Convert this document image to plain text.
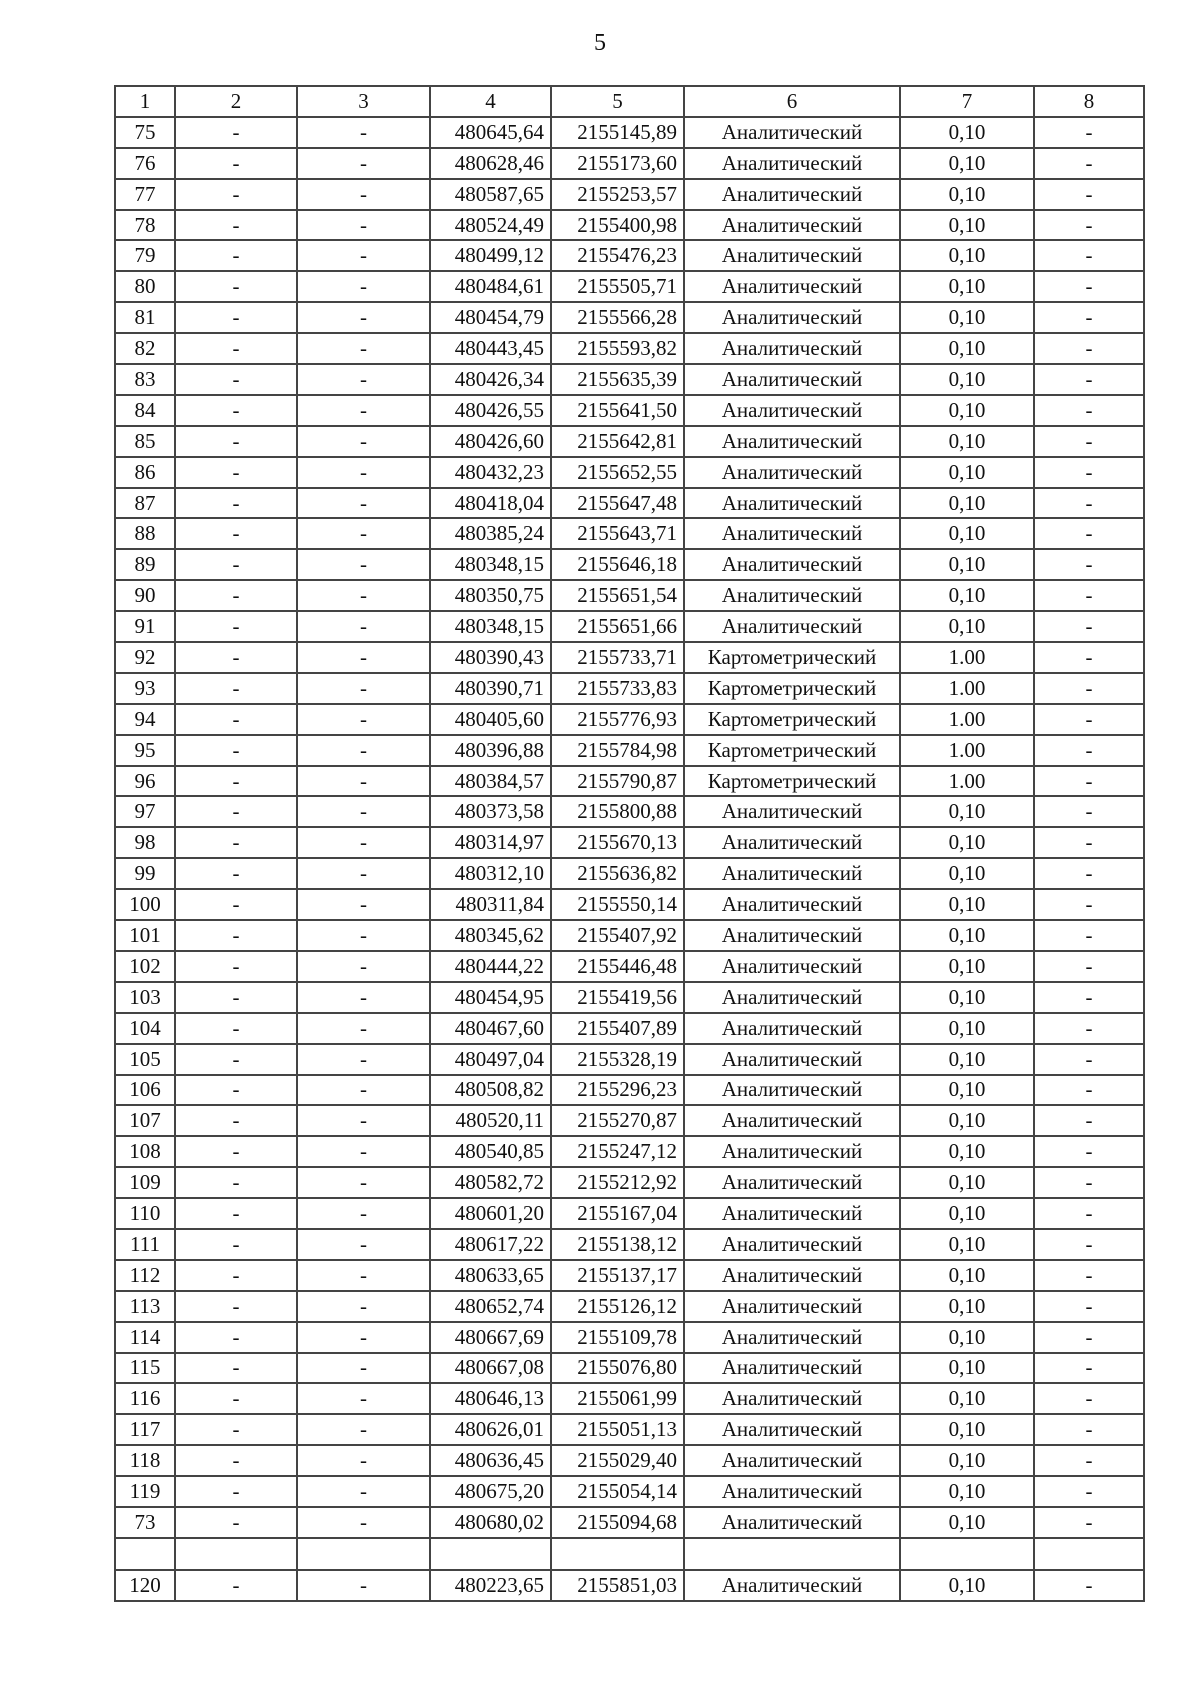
5
1	2	3	4	5	6	7	8
75	-	-	480645,64	2155145,89	Аналитический	0,10	-
76	-	-	480628,46	2155173,60	Аналитический	0,10	-
77	-	-	480587,65	2155253,57	Аналитический	0,10	-
78	-	-	480524,49	2155400,98	Аналитический	0,10	-
79	-	-	480499,12	2155476,23	Аналитический	0,10	-
80	-	-	480484,61	2155505,71	Аналитический	0,10	-
81	-	-	480454,79	2155566,28	Аналитический	0,10	-
82	-	-	480443,45	2155593,82	Аналитический	0,10	-
83	-	-	480426,34	2155635,39	Аналитический	0,10	-
84	-	-	480426,55	2155641,50	Аналитический	0,10	-
85	-	-	480426,60	2155642,81	Аналитический	0,10	-
86	-	-	480432,23	2155652,55	Аналитический	0,10	-
87	-	-	480418,04	2155647,48	Аналитический	0,10	-
88	-	-	480385,24	2155643,71	Аналитический	0,10	-
89	-	-	480348,15	2155646,18	Аналитический	0,10	-
90	-	-	480350,75	2155651,54	Аналитический	0,10	-
91	-	-	480348,15	2155651,66	Аналитический	0,10	-
92	-	-	480390,43	2155733,71	Картометрический	1.00	-
93	-	-	480390,71	2155733,83	Картометрический	1.00	-
94	-	-	480405,60	2155776,93	Картометрический	1.00	-
95	-	-	480396,88	2155784,98	Картометрический	1.00	-
96	-	-	480384,57	2155790,87	Картометрический	1.00	-
97	-	-	480373,58	2155800,88	Аналитический	0,10	-
98	-	-	480314,97	2155670,13	Аналитический	0,10	-
99	-	-	480312,10	2155636,82	Аналитический	0,10	-
100	-	-	480311,84	2155550,14	Аналитический	0,10	-
101	-	-	480345,62	2155407,92	Аналитический	0,10	-
102	-	-	480444,22	2155446,48	Аналитический	0,10	-
103	-	-	480454,95	2155419,56	Аналитический	0,10	-
104	-	-	480467,60	2155407,89	Аналитический	0,10	-
105	-	-	480497,04	2155328,19	Аналитический	0,10	-
106	-	-	480508,82	2155296,23	Аналитический	0,10	-
107	-	-	480520,11	2155270,87	Аналитический	0,10	-
108	-	-	480540,85	2155247,12	Аналитический	0,10	-
109	-	-	480582,72	2155212,92	Аналитический	0,10	-
110	-	-	480601,20	2155167,04	Аналитический	0,10	-
111	-	-	480617,22	2155138,12	Аналитический	0,10	-
112	-	-	480633,65	2155137,17	Аналитический	0,10	-
113	-	-	480652,74	2155126,12	Аналитический	0,10	-
114	-	-	480667,69	2155109,78	Аналитический	0,10	-
115	-	-	480667,08	2155076,80	Аналитический	0,10	-
116	-	-	480646,13	2155061,99	Аналитический	0,10	-
117	-	-	480626,01	2155051,13	Аналитический	0,10	-
118	-	-	480636,45	2155029,40	Аналитический	0,10	-
119	-	-	480675,20	2155054,14	Аналитический	0,10	-
73	-	-	480680,02	2155094,68	Аналитический	0,10	-

120	-	-	480223,65	2155851,03	Аналитический	0,10	-
